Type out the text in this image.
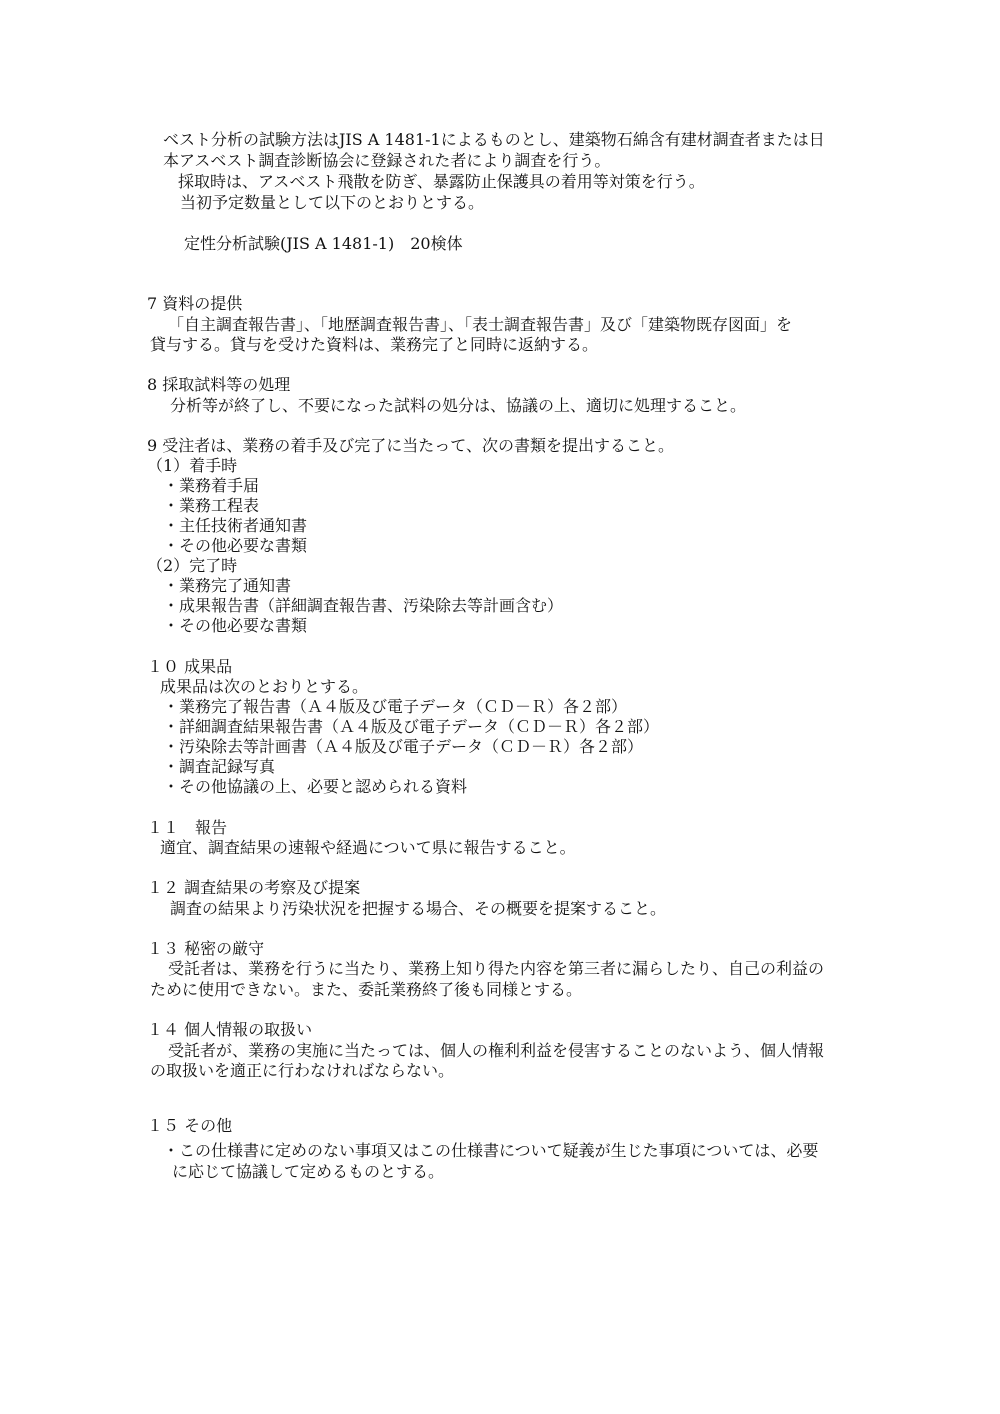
ベスト分析の試験方法はJIS A 1481-1によるものとし、建築物石綿含有建材調査者または日
本アスベスト調査診断協会に登録された者により調査を行う。
採取時は、アスベスト飛散を防ぎ、暴露防止保護具の着用等対策を行う。
当初予定数量として以下のとおりとする。
定性分析試験(JIS A 1481-1)　20検体
7 資料の提供
「自主調査報告書」、「地歴調査報告書」、「表士調査報告書」及び「建築物既存図面」を
貸与する。貸与を受けた資料は、業務完了と同時に返納する。
8 採取試料等の処理
分析等が終了し、不要になった試料の処分は、協議の上、適切に処理すること。
9 受注者は、業務の着手及び完了に当たって、次の書類を提出すること。
（1）着手時
・業務着手届
・業務工程表
・主任技術者通知書
・その他必要な書類
（2）完了時
・業務完了通知書
・成果報告書（詳細調査報告書、汚染除去等計画含む）
・その他必要な書類
１０ 成果品
成果品は次のとおりとする。
・業務完了報告書（Ａ４版及び電子データ（ＣＤ－Ｒ）各２部）
・詳細調査結果報告書（Ａ４版及び電子データ（ＣＤ－Ｒ）各２部）
・汚染除去等計画書（Ａ４版及び電子データ（ＣＤ－Ｒ）各２部）
・調査記録写真
・その他協議の上、必要と認められる資料
１１　報告
適宜、調査結果の速報や経過について県に報告すること。
１２ 調査結果の考察及び提案
調査の結果より汚染状況を把握する場合、その概要を提案すること。
１３ 秘密の厳守
受託者は、業務を行うに当たり、業務上知り得た内容を第三者に漏らしたり、自己の利益の
ために使用できない。また、委託業務終了後も同様とする。
１４ 個人情報の取扱い
受託者が、業務の実施に当たっては、個人の権利利益を侵害することのないよう、個人情報
の取扱いを適正に行わなければならない。
１５ その他
・この仕様書に定めのない事項又はこの仕様書について疑義が生じた事項については、必要
に応じて協議して定めるものとする。
